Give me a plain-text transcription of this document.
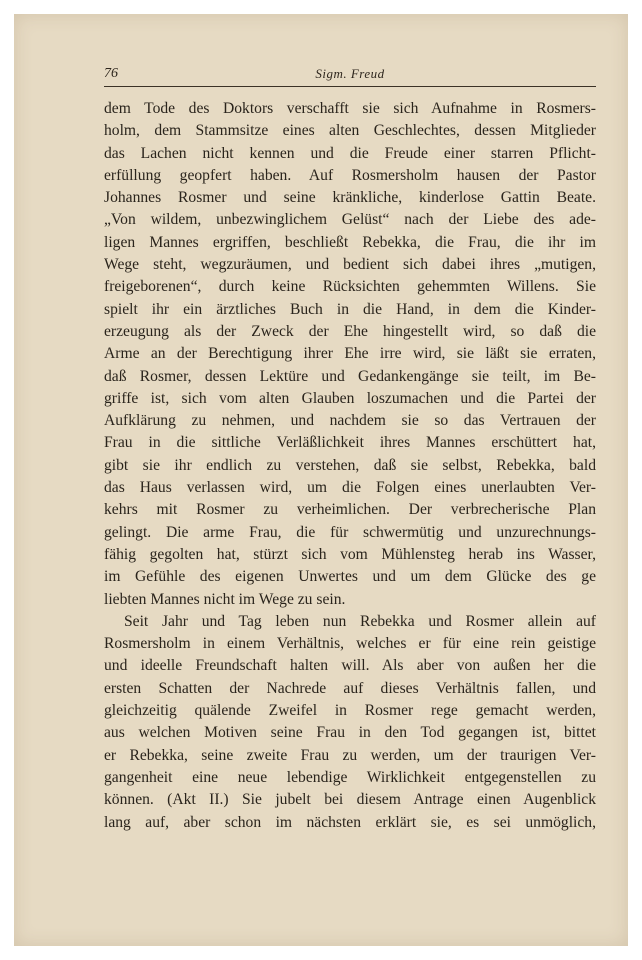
76	Sigm. Freud
dem Tode des Doktors verschafft sie sich Aufnahme in Rosmers-
holm, dem Stammsitze eines alten Geschlechtes, dessen Mitglieder
das Lachen nicht kennen und die Freude einer starren Pflicht-
erfüllung geopfert haben. Auf Rosmersholm hausen der Pastor
Johannes Rosmer und seine kränkliche, kinderlose Gattin Beate.
„Von wildem, unbezwinglichem Gelüst“ nach der Liebe des ade-
ligen Mannes ergriffen, beschließt Rebekka, die Frau, die ihr im
Wege steht, wegzuräumen, und bedient sich dabei ihres „mutigen,
freigeborenen“, durch keine Rücksichten gehemmten Willens. Sie
spielt ihr ein ärztliches Buch in die Hand, in dem die Kinder-
erzeugung als der Zweck der Ehe hingestellt wird, so daß die
Arme an der Berechtigung ihrer Ehe irre wird, sie läßt sie erraten,
daß Rosmer, dessen Lektüre und Gedankengänge sie teilt, im Be-
griffe ist, sich vom alten Glauben loszumachen und die Partei der
Aufklärung zu nehmen, und nachdem sie so das Vertrauen der
Frau in die sittliche Verläßlichkeit ihres Mannes erschüttert hat,
gibt sie ihr endlich zu verstehen, daß sie selbst, Rebekka, bald
das Haus verlassen wird, um die Folgen eines unerlaubten Ver-
kehrs mit Rosmer zu verheimlichen. Der verbrecherische Plan
gelingt. Die arme Frau, die für schwermütig und unzurechnungs-
fähig gegolten hat, stürzt sich vom Mühlensteg herab ins Wasser,
im Gefühle des eigenen Unwertes und um dem Glücke des ge
liebten Mannes nicht im Wege zu sein.
Seit Jahr und Tag leben nun Rebekka und Rosmer allein auf
Rosmersholm in einem Verhältnis, welches er für eine rein geistige
und ideelle Freundschaft halten will. Als aber von außen her die
ersten Schatten der Nachrede auf dieses Verhältnis fallen, und
gleichzeitig quälende Zweifel in Rosmer rege gemacht werden,
aus welchen Motiven seine Frau in den Tod gegangen ist, bittet
er Rebekka, seine zweite Frau zu werden, um der traurigen Ver-
gangenheit eine neue lebendige Wirklichkeit entgegenstellen zu
können. (Akt II.) Sie jubelt bei diesem Antrage einen Augenblick
lang auf, aber schon im nächsten erklärt sie, es sei unmöglich,
